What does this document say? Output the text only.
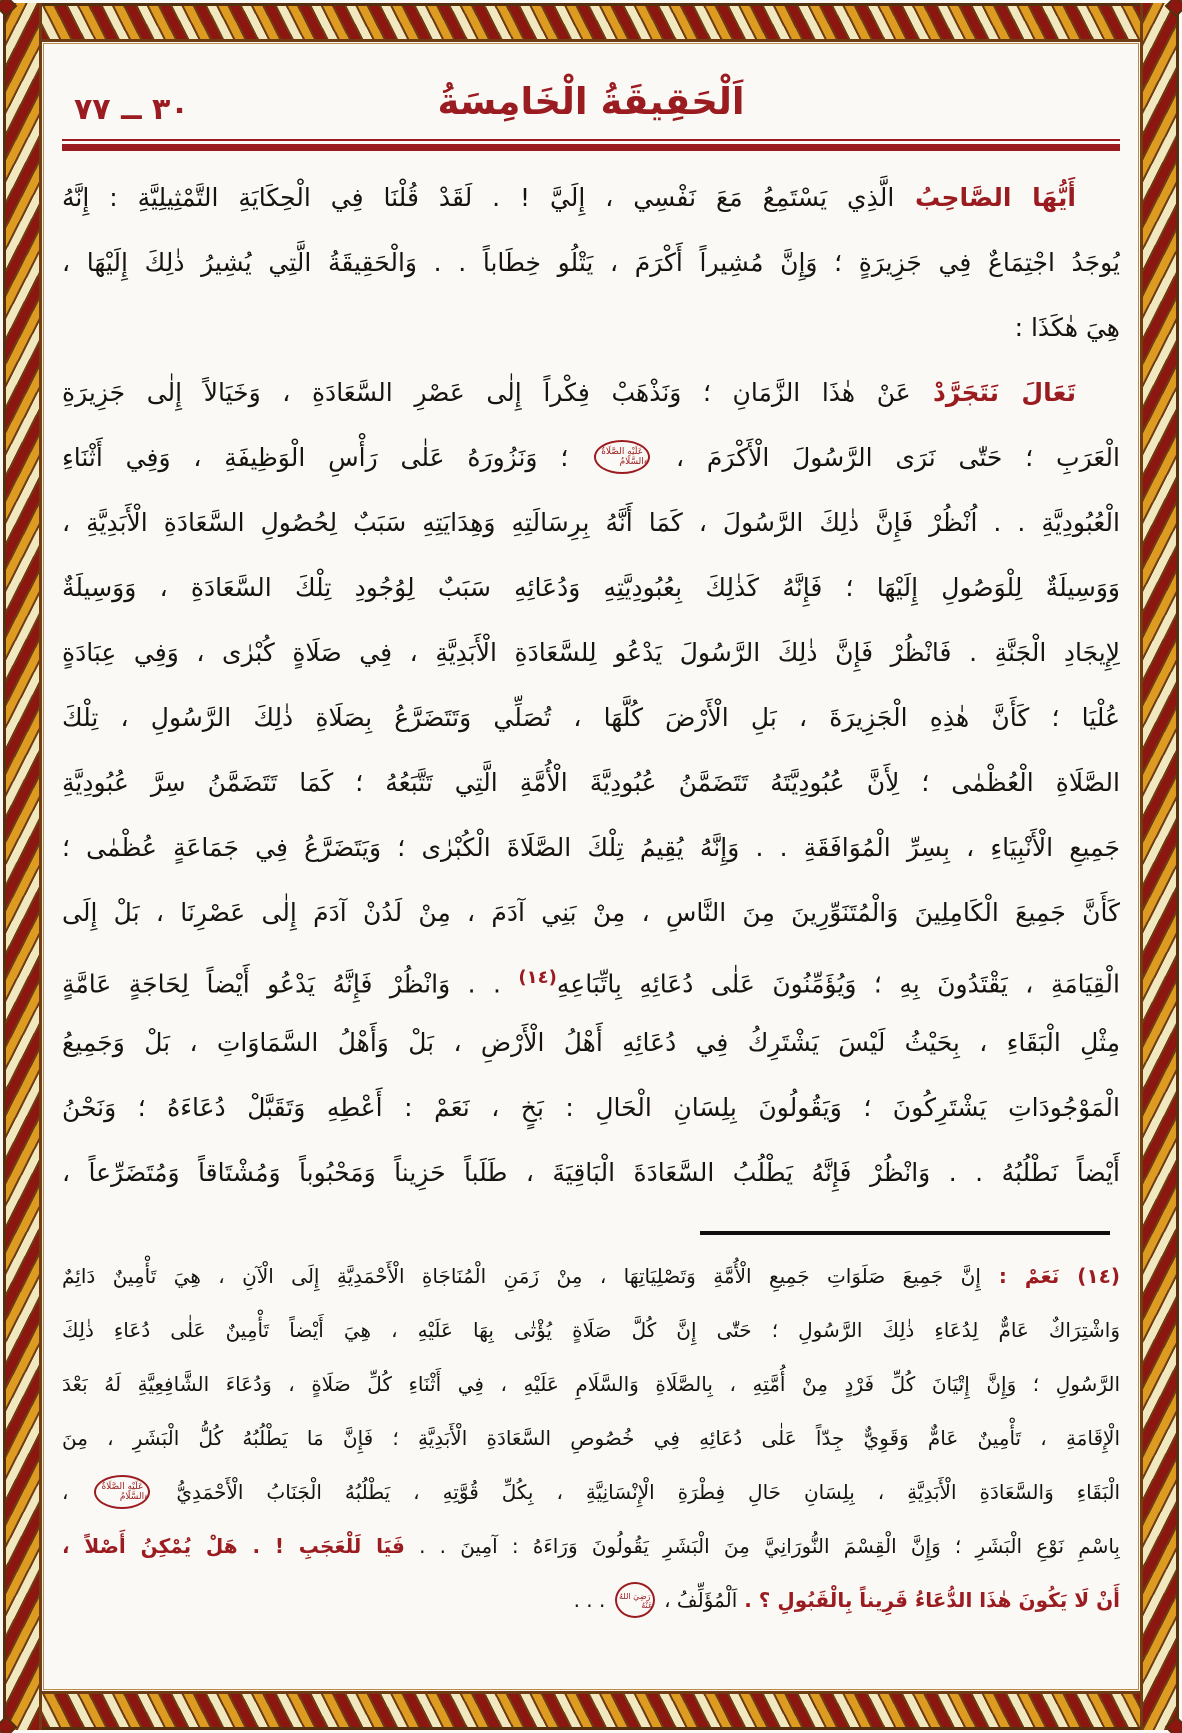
٣٠ ــ ٧٧	اَلْحَقِيقَةُ الْخَامِسَةُ
أَيُّهَا الصَّاحِبُ الَّذِي يَسْتَمِعُ مَعَ نَفْسِي ، إِلَيَّ ! . لَقَدْ قُلْنَا فِي الْحِكَايَةِ التَّمْثِيلِيَّةِ : إِنَّهُ
يُوجَدُ اجْتِمَاعٌ فِي جَزِيرَةٍ ؛ وَإِنَّ مُشِيراً أَكْرَمَ ، يَتْلُو خِطَاباً . . وَالْحَقِيقَةُ الَّتِي يُشِيرُ ذٰلِكَ إِلَيْهَا ،
هِيَ هٰكَذَا :
تَعَالَ نَتَجَرَّدْ عَنْ هٰذَا الزَّمَانِ ؛ وَنَذْهَبْ فِكْراً إِلٰى عَصْرِ السَّعَادَةِ ، وَخَيَالاً إِلٰى جَزِيرَةِ
الْعَرَبِ ؛ حَتّٰى نَرَى الرَّسُولَ الْأَكْرَمَ ، عَلَيْهِ الصَّلَاةُ وَالسَّلَامُ ؛ وَنَزُورَهُ عَلٰى رَأْسِ الْوَظِيفَةِ ، وَفِي أَثْنَاءِ
الْعُبُودِيَّةِ . . اُنْظُرْ فَإِنَّ ذٰلِكَ الرَّسُولَ ، كَمَا أَنَّهُ بِرِسَالَتِهِ وَهِدَايَتِهِ سَبَبٌ لِحُصُولِ السَّعَادَةِ الْأَبَدِيَّةِ ،
وَوَسِيلَةٌ لِلْوَصُولِ إِلَيْهَا ؛ فَإِنَّهُ كَذٰلِكَ بِعُبُودِيَّتِهِ وَدُعَائِهِ سَبَبٌ لِوُجُودِ تِلْكَ السَّعَادَةِ ، وَوَسِيلَةٌ
لِإِيجَادِ الْجَنَّةِ . فَانْظُرْ فَإِنَّ ذٰلِكَ الرَّسُولَ يَدْعُو لِلسَّعَادَةِ الْأَبَدِيَّةِ ، فِي صَلَاةٍ كُبْرٰى ، وَفِي عِبَادَةٍ
عُلْيَا ؛ كَأَنَّ هٰذِهِ الْجَزِيرَةَ ، بَلِ الْأَرْضَ كُلَّهَا ، تُصَلِّي وَتَتَضَرَّعُ بِصَلَاةِ ذٰلِكَ الرَّسُولِ ، تِلْكَ
الصَّلَاةِ الْعُظْمٰى ؛ لِأَنَّ عُبُودِيَّتَهُ تَتَضَمَّنُ عُبُودِيَّةَ الْأُمَّةِ الَّتِي تَتَّبَعُهُ ؛ كَمَا تَتَضَمَّنُ سِرَّ عُبُودِيَّةِ
جَمِيعِ الْأَنْبِيَاءِ ، بِسِرِّ الْمُوَافَقَةِ . . وَإِنَّهُ يُقِيمُ تِلْكَ الصَّلَاةَ الْكُبْرٰى ؛ وَيَتَضَرَّعُ فِي جَمَاعَةٍ عُظْمٰى ؛
كَأَنَّ جَمِيعَ الْكَامِلِينَ وَالْمُتَنَوِّرِينَ مِنَ النَّاسِ ، مِنْ بَنِي آدَمَ ، مِنْ لَدُنْ آدَمَ إِلٰى عَصْرِنَا ، بَلْ إِلَى
الْقِيَامَةِ ، يَقْتَدُونَ بِهِ ؛ وَيُؤَمِّنُونَ عَلٰى دُعَائِهِ بِاتِّبَاعِهِ$^{(١٤)}$ . . وَانْظُرْ فَإِنَّهُ يَدْعُو أَيْضاً لِحَاجَةٍ عَامَّةٍ
مِثْلِ الْبَقَاءِ ، بِحَيْثُ لَيْسَ يَشْتَرِكُ فِي دُعَائِهِ أَهْلُ الْأَرْضِ ، بَلْ وَأَهْلُ السَّمَاوَاتِ ، بَلْ وَجَمِيعُ
الْمَوْجُودَاتِ يَشْتَرِكُونَ ؛ وَيَقُولُونَ بِلِسَانِ الْحَالِ : بَخٍ ، نَعَمْ : أَعْطِهِ وَتَقَبَّلْ دُعَاءَهُ ؛ وَنَحْنُ
أَيْضاً نَطْلُبُهُ . . وَانْظُرْ فَإِنَّهُ يَطْلُبُ السَّعَادَةَ الْبَاقِيَةَ ، طَلَباً حَزِيناً وَمَحْبُوباً وَمُشْتَاقاً وَمُتَضَرِّعاً ،
(١٤) نَعَمْ : إِنَّ جَمِيعَ صَلَوَاتِ جَمِيعِ الْأُمَّةِ وَتَصْلِيَاتِهَا ، مِنْ زَمَنِ الْمُنَاجَاةِ الْأَحْمَدِيَّةِ إِلَى الْآنِ ، هِيَ تَأْمِينٌ دَائِمٌ
وَاشْتِرَاكٌ عَامٌّ لِدُعَاءِ ذٰلِكَ الرَّسُولِ ؛ حَتّٰى إِنَّ كُلَّ صَلَاةٍ يُؤْتٰى بِهَا عَلَيْهِ ، هِيَ أَيْضاً تَأْمِينٌ عَلٰى دُعَاءِ ذٰلِكَ
الرَّسُولِ ؛ وَإِنَّ إِتْيَانَ كُلِّ فَرْدٍ مِنْ أُمَّتِهِ ، بِالصَّلَاةِ وَالسَّلَامِ عَلَيْهِ ، فِي أَثْنَاءِ كُلِّ صَلَاةٍ ، وَدُعَاءَ الشَّافِعِيَّةِ لَهُ بَعْدَ
الْإِقَامَةِ ، تَأْمِينٌ عَامٌّ وَقَوِيٌّ جِدّاً عَلٰى دُعَائِهِ فِي خُصُوصِ السَّعَادَةِ الْأَبَدِيَّةِ ؛ فَإِنَّ مَا يَطْلُبُهُ كُلُّ الْبَشَرِ ، مِنَ
الْبَقَاءِ وَالسَّعَادَةِ الْأَبَدِيَّةِ ، بِلِسَانِ حَالِ فِطْرَةِ الْإِنْسَانِيَّةِ ، بِكُلِّ قُوَّتِهِ ، يَطْلُبُهُ الْجَنَابُ الْأَحْمَدِيُّ عَلَيْهِ الصَّلَاةُ وَالسَّلَامُ ،
بِاسْمِ نَوْعِ الْبَشَرِ ؛ وَإِنَّ الْقِسْمَ النُّورَانِيَّ مِنَ الْبَشَرِ يَقُولُونَ وَرَاءَهُ : آمِينَ . . فَيَا لَلْعَجَبِ ! . هَلْ يُمْكِنُ أَصْلاً ،
أَنْ لَا يَكُونَ هٰذَا الدُّعَاءُ قَرِيناً بِالْقَبُولِ ؟ . اَلْمُؤَلِّفُ ، رَضِيَ اللهُ عَنْهُ . . .
